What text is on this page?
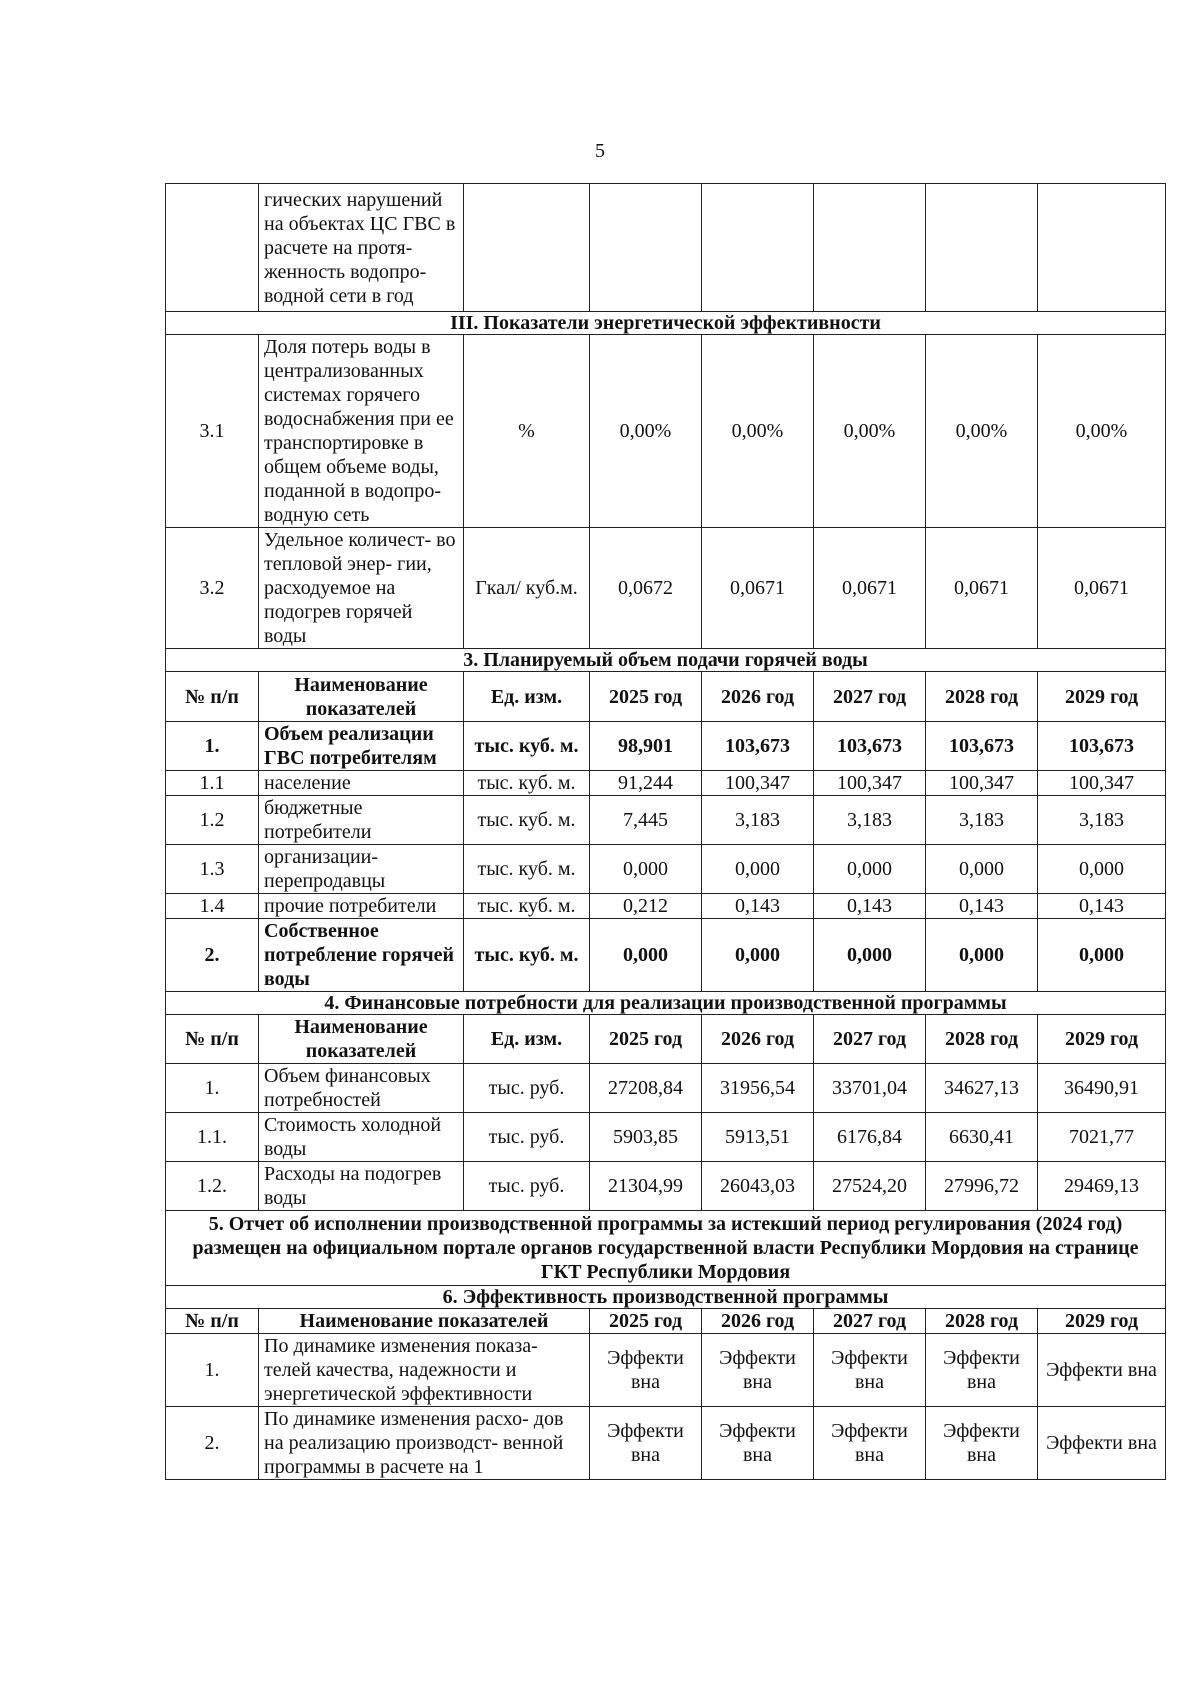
5
	гических нарушений на объектах ЦС ГВС в расчете на протя- женность водопро- водной сети в год						
III. Показатели энергетической эффективности							
3.1	Доля потерь воды в централизованных системах горячего водоснабжения при ее транспортировке в общем объеме воды, поданной в водопро- водную сеть	%	0,00%	0,00%	0,00%	0,00%	0,00%
3.2	Удельное количест- во тепловой энер- гии, расходуемое на подогрев горячей воды	Гкал/ куб.м.	0,0672	0,0671	0,0671	0,0671	0,0671
3. Планируемый объем подачи горячей воды							
№ п/п	Наименование показателей	Ед. изм.	2025 год	2026 год	2027 год	2028 год	2029 год
1.	Объем реализации ГВС потребителям	тыс. куб. м.	98,901	103,673	103,673	103,673	103,673
1.1	население	тыс. куб. м.	91,244	100,347	100,347	100,347	100,347
1.2	бюджетные потребители	тыс. куб. м.	7,445	3,183	3,183	3,183	3,183
1.3	организации- перепродавцы	тыс. куб. м.	0,000	0,000	0,000	0,000	0,000
1.4	прочие потребители	тыс. куб. м.	0,212	0,143	0,143	0,143	0,143
2.	Собственное потребление горячей воды	тыс. куб. м.	0,000	0,000	0,000	0,000	0,000
4. Финансовые потребности для реализации производственной программы							
№ п/п	Наименование показателей	Ед. изм.	2025 год	2026 год	2027 год	2028 год	2029 год
1.	Объем финансовых потребностей	тыс. руб.	27208,84	31956,54	33701,04	34627,13	36490,91
1.1.	Стоимость холодной воды	тыс. руб.	5903,85	5913,51	6176,84	6630,41	7021,77
1.2.	Расходы на подогрев воды	тыс. руб.	21304,99	26043,03	27524,20	27996,72	29469,13
5. Отчет об исполнении производственной программы за истекший период регулирования (2024 год) размещен на официальном портале органов государственной власти Республики Мордовия на странице ГКТ Республики Мордовия							
6. Эффективность производственной программы							
№ п/п	Наименование показателей		2025 год	2026 год	2027 год	2028 год	2029 год
1.	По динамике изменения показа- телей качества, надежности и энергетической эффективности		Эффекти вна	Эффекти вна	Эффекти вна	Эффекти вна	Эффекти вна
2.	По динамике изменения расхо- дов на реализацию производст- венной программы в расчете на 1		Эффекти вна	Эффекти вна	Эффекти вна	Эффекти вна	Эффекти вна
